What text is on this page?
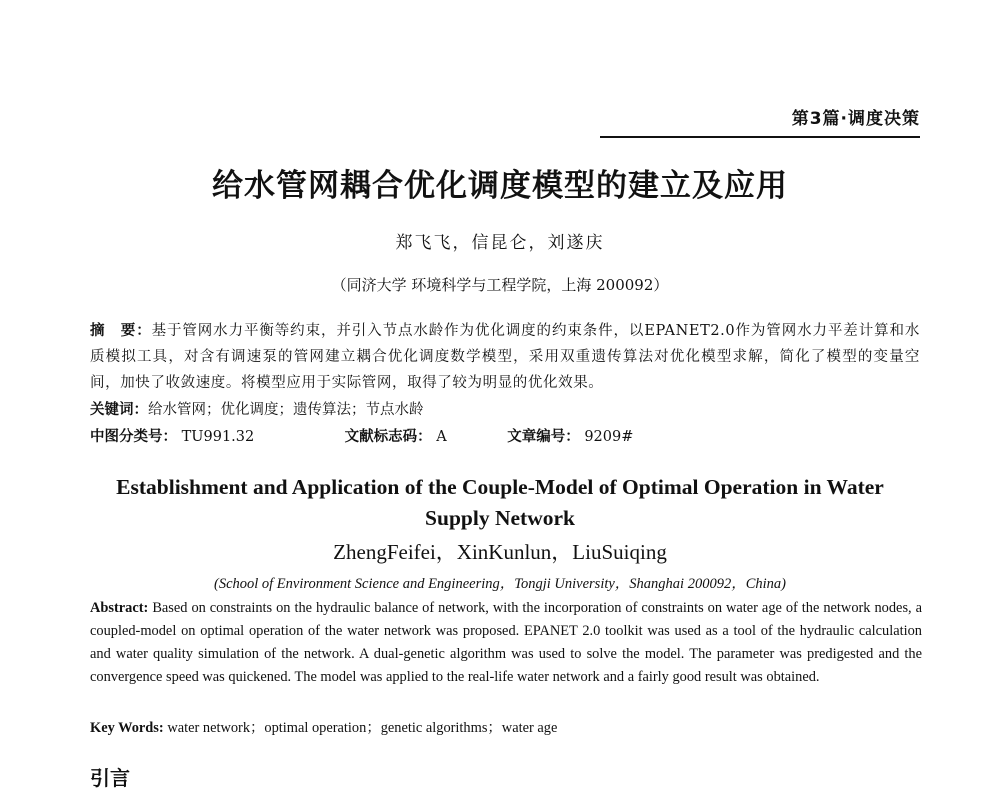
第3篇·调度决策
给水管网耦合优化调度模型的建立及应用
郑飞飞，信昆仑，刘遂庆
（同济大学 环境科学与工程学院，上海 200092）
摘　要：基于管网水力平衡等约束，并引入节点水龄作为优化调度的约束条件，以EPANET2.0作为管网水力平差计算和水质模拟工具，对含有调速泵的管网建立耦合优化调度数学模型，采用双重遗传算法对优化模型求解，简化了模型的变量空间，加快了收敛速度。将模型应用于实际管网，取得了较为明显的优化效果。
关键词：给水管网；优化调度；遗传算法；节点水龄
中图分类号： TU991.32	文献标志码： A	文章编号： 9209#
Establishment and Application of the Couple-Model of Optimal Operation in Water Supply Network
ZhengFeifei，XinKunlun，LiuSuiqing
(School of Environment Science and Engineering，Tongji University，Shanghai 200092，China)
Abstract: Based on constraints on the hydraulic balance of network, with the incorporation of constraints on water age of the network nodes, a coupled-model on optimal operation of the water network was proposed. EPANET 2.0 toolkit was used as a tool of the hydraulic calculation and water quality simulation of the network. A dual-genetic algorithm was used to solve the model. The parameter was predigested and the convergence speed was quickened. The model was applied to the real-life water network and a fairly good result was obtained.
Key Words: water network；optimal operation；genetic algorithms；water age
引言
